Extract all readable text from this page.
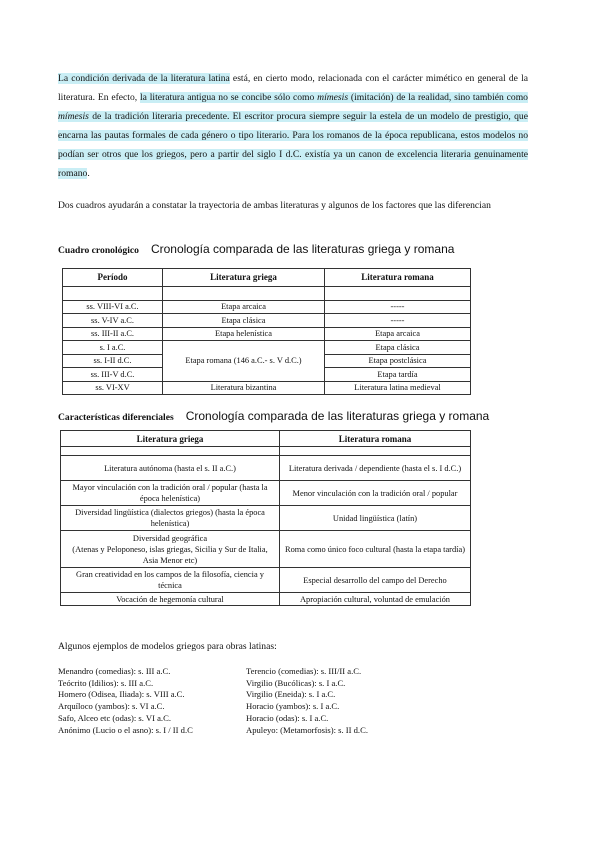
La condición derivada de la literatura latina está, en cierto modo, relacionada con el carácter mimético en general de la literatura. En efecto, la literatura antigua no se concibe sólo como mímesis (imitación) de la realidad, sino también como mímesis de la tradición literaria precedente. El escritor procura siempre seguir la estela de un modelo de prestigio, que encarna las pautas formales de cada género o tipo literario. Para los romanos de la época republicana, estos modelos no podían ser otros que los griegos, pero a partir del siglo I d.C. existía ya un canon de excelencia literaria genuinamente romano.
Dos cuadros ayudarán a constatar la trayectoria de ambas literaturas y algunos de los factores que las diferencian
Cuadro cronológico Cronología comparada de las literaturas griega y romana
Período	Literatura griega	Literatura romana

ss. VIII-VI a.C.	Etapa arcaica	-----
ss. V-IV a.C.	Etapa clásica	-----
ss. III-II a.C.	Etapa helenística	Etapa arcaica
s. I a.C.	Etapa romana (146 a.C.- s. V d.C.)	Etapa clásica
ss. I-II d.C.		Etapa postclásica
ss. III-V d.C.		Etapa tardía
ss. VI-XV	Literatura bizantina	Literatura latina medieval
Características diferenciales Cronología comparada de las literaturas griega y romana
Literatura griega	Literatura romana

Literatura autónoma (hasta el s. II a.C.)	Literatura derivada / dependiente (hasta el s. I d.C.)
Mayor vinculación con la tradición oral / popular (hasta la época helenística)	Menor vinculación con la tradición oral / popular
Diversidad lingüística (dialectos griegos) (hasta la época helenística)	Unidad lingüística (latín)
Diversidad geográfica
(Atenas y Peloponeso, islas griegas, Sicilia y Sur de Italia, Asia Menor etc)	Roma como único foco cultural (hasta la etapa tardía)
Gran creatividad en los campos de la filosofía, ciencia y técnica	Especial desarrollo del campo del Derecho
Vocación de hegemonía cultural	Apropiación cultural, voluntad de emulación
Algunos ejemplos de modelos griegos para obras latinas:
Menandro (comedias): s. III a.C.
Teócrito (Idilios): s. III a.C.
Homero (Odisea, Iliada): s. VIII a.C.
Arquíloco (yambos): s. VI a.C.
Safo, Alceo etc (odas): s. VI a.C.
Anónimo (Lucio o el asno): s. I / II d.C
Terencio (comedias): s. III/II a.C.
Virgilio (Bucólicas): s. I a.C.
Virgilio (Eneida): s. I a.C.
Horacio (yambos): s. I a.C.
Horacio (odas): s. I a.C.
Apuleyo: (Metamorfosis): s. II d.C.
